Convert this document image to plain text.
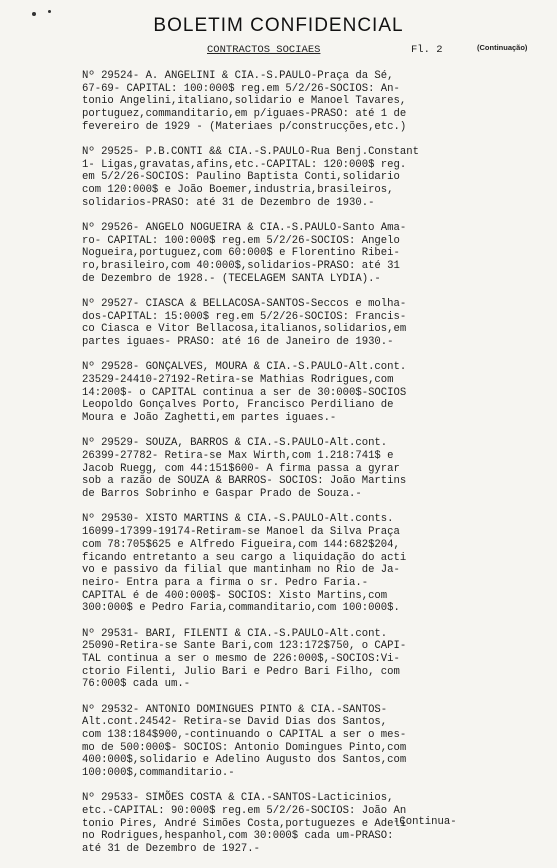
BOLETIM CONFIDENCIAL
CONTRACTOS SOCIAES	Fl. 2	(Continuação)
Nº 29524- A. ANGELINI & CIA.-S.PAULO-Praça da Sé,
67-69- CAPITAL: 100:000$ reg.em 5/2/26-SOCIOS: An-
tonio Angelini,italiano,solidario e Manoel Tavares,
portuguez,commanditario,em p/iguaes-PRASO: até 1 de
fevereiro de 1929 - (Materiaes p/construcções,etc.)
Nº 29525- P.B.CONTI && CIA.-S.PAULO-Rua Benj.Constant
1- Ligas,gravatas,afins,etc.-CAPITAL: 120:000$ reg.
em 5/2/26-SOCIOS: Paulino Baptista Conti,solidario
com 120:000$ e João Boemer,industria,brasileiros,
solidarios-PRASO: até 31 de Dezembro de 1930.-
Nº 29526- ANGELO NOGUEIRA & CIA.-S.PAULO-Santo Ama-
ro- CAPITAL: 100:000$ reg.em 5/2/26-SOCIOS: Angelo
Nogueira,portuguez,com 60:000$ e Florentino Ribei-
ro,brasileiro,com 40:000$,solidarios-PRASO: até 31
de Dezembro de 1928.- (TECELAGEM SANTA LYDIA).-
Nº 29527- CIASCA & BELLACOSA-SANTOS-Seccos e molha-
dos-CAPITAL: 15:000$ reg.em 5/2/26-SOCIOS: Francis-
co Ciasca e Vitor Bellacosa,italianos,solidarios,em
partes iguaes- PRASO: até 16 de Janeiro de 1930.-
Nº 29528- GONÇALVES, MOURA & CIA.-S.PAULO-Alt.cont.
23529-24410-27192-Retira-se Mathias Rodrigues,com
14:200$- o CAPITAL continua a ser de 30:000$-SOCIOS
Leopoldo Gonçalves Porto, Francisco Perdiliano de
Moura e João Zaghetti,em partes iguaes.-
Nº 29529- SOUZA, BARROS & CIA.-S.PAULO-Alt.cont.
26399-27782- Retira-se Max Wirth,com 1.218:741$ e
Jacob Ruegg, com 44:151$600- A firma passa a gyrar
sob a razão de SOUZA & BARROS- SOCIOS: João Martins
de Barros Sobrinho e Gaspar Prado de Souza.-
Nº 29530- XISTO MARTINS & CIA.-S.PAULO-Alt.conts.
16099-17399-19174-Retiram-se Manoel da Silva Praça
com 78:705$625 e Alfredo Figueira,com 144:682$204,
ficando entretanto a seu cargo a liquidação do acti
vo e passivo da filial que mantinham no Rio de Ja-
neiro- Entra para a firma o sr. Pedro Faria.-
CAPITAL é de 400:000$- SOCIOS: Xisto Martins,com
300:000$ e Pedro Faria,commanditario,com 100:000$.
Nº 29531- BARI, FILENTI & CIA.-S.PAULO-Alt.cont.
25090-Retira-se Sante Bari,com 123:172$750, o CAPI-
TAL continua a ser o mesmo de 226:000$,-SOCIOS:Vi-
ctorio Filenti, Julio Bari e Pedro Bari Filho, com
76:000$ cada um.-
Nº 29532- ANTONIO DOMINGUES PINTO & CIA.-SANTOS-
Alt.cont.24542- Retira-se David Dias dos Santos,
com 138:184$900,-continuando o CAPITAL a ser o mes-
mo de 500:000$- SOCIOS: Antonio Domingues Pinto,com
400:000$,solidario e Adelino Augusto dos Santos,com
100:000$,commanditario.-
Nº 29533- SIMÕES COSTA & CIA.-SANTOS-Lacticinios,
etc.-CAPITAL: 90:000$ reg.em 5/2/26-SOCIOS: João An
tonio Pires, André Simões Costa,portuguezes e Adeli
no Rodrigues,hespanhol,com 30:000$ cada um-PRASO:
até 31 de Dezembro de 1927.-
-Continua-
